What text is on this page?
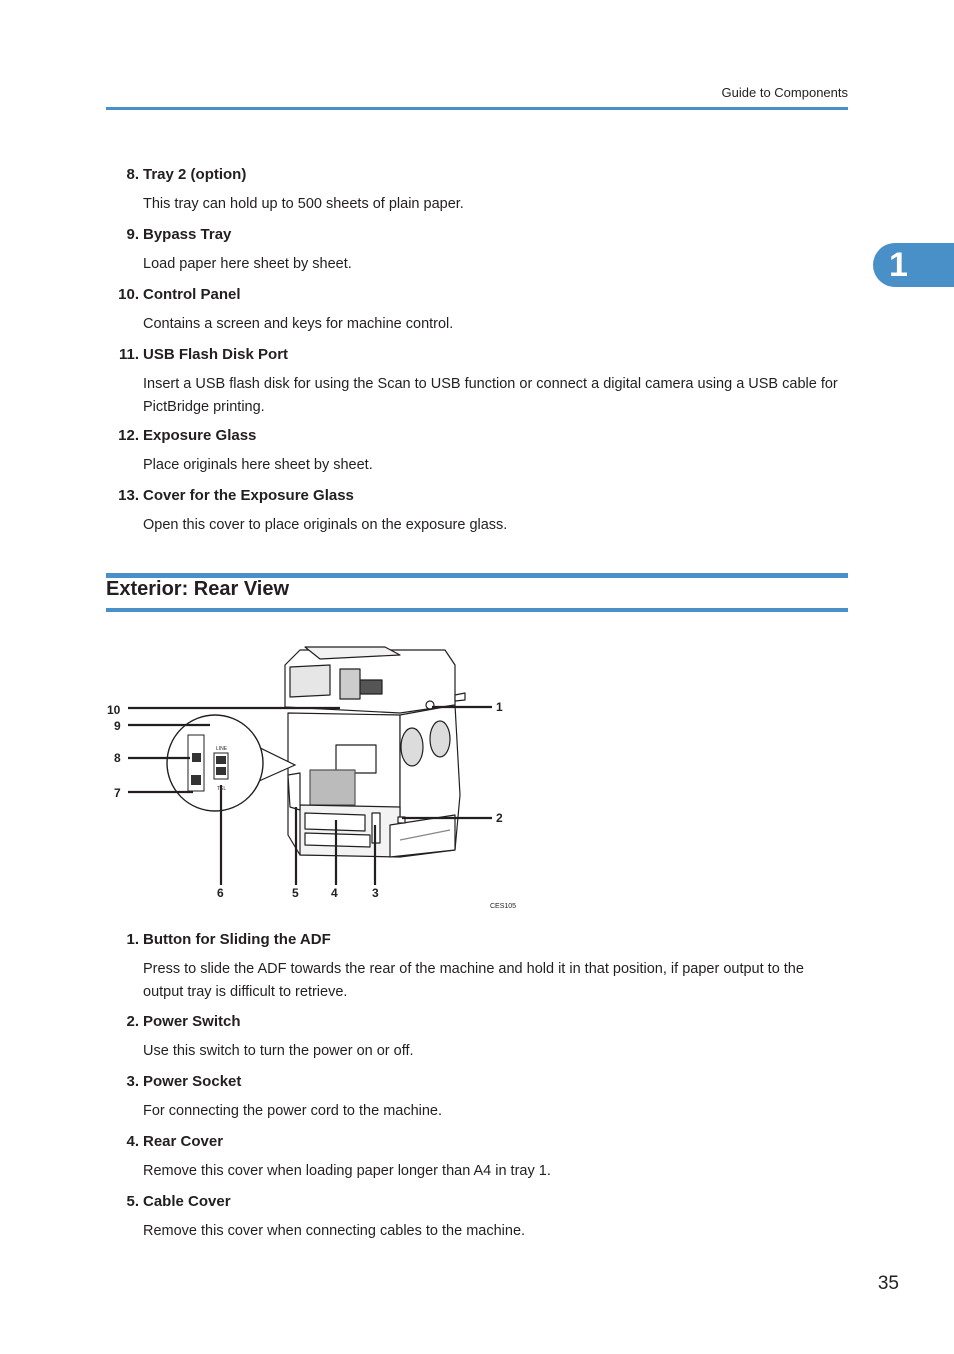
Guide to Components
1
8. Tray 2 (option)
This tray can hold up to 500 sheets of plain paper.
9. Bypass Tray
Load paper here sheet by sheet.
10. Control Panel
Contains a screen and keys for machine control.
11. USB Flash Disk Port
Insert a USB flash disk for using the Scan to USB function or connect a digital camera using a USB cable for PictBridge printing.
12. Exposure Glass
Place originals here sheet by sheet.
13. Cover for the Exposure Glass
Open this cover to place originals on the exposure glass.
Exterior: Rear View
LINE
TEL
1
2
3
4
5
6
7
8
9
10
CES105
1. Button for Sliding the ADF
Press to slide the ADF towards the rear of the machine and hold it in that position, if paper output to the output tray is difficult to retrieve.
2. Power Switch
Use this switch to turn the power on or off.
3. Power Socket
For connecting the power cord to the machine.
4. Rear Cover
Remove this cover when loading paper longer than A4 in tray 1.
5. Cable Cover
Remove this cover when connecting cables to the machine.
35
